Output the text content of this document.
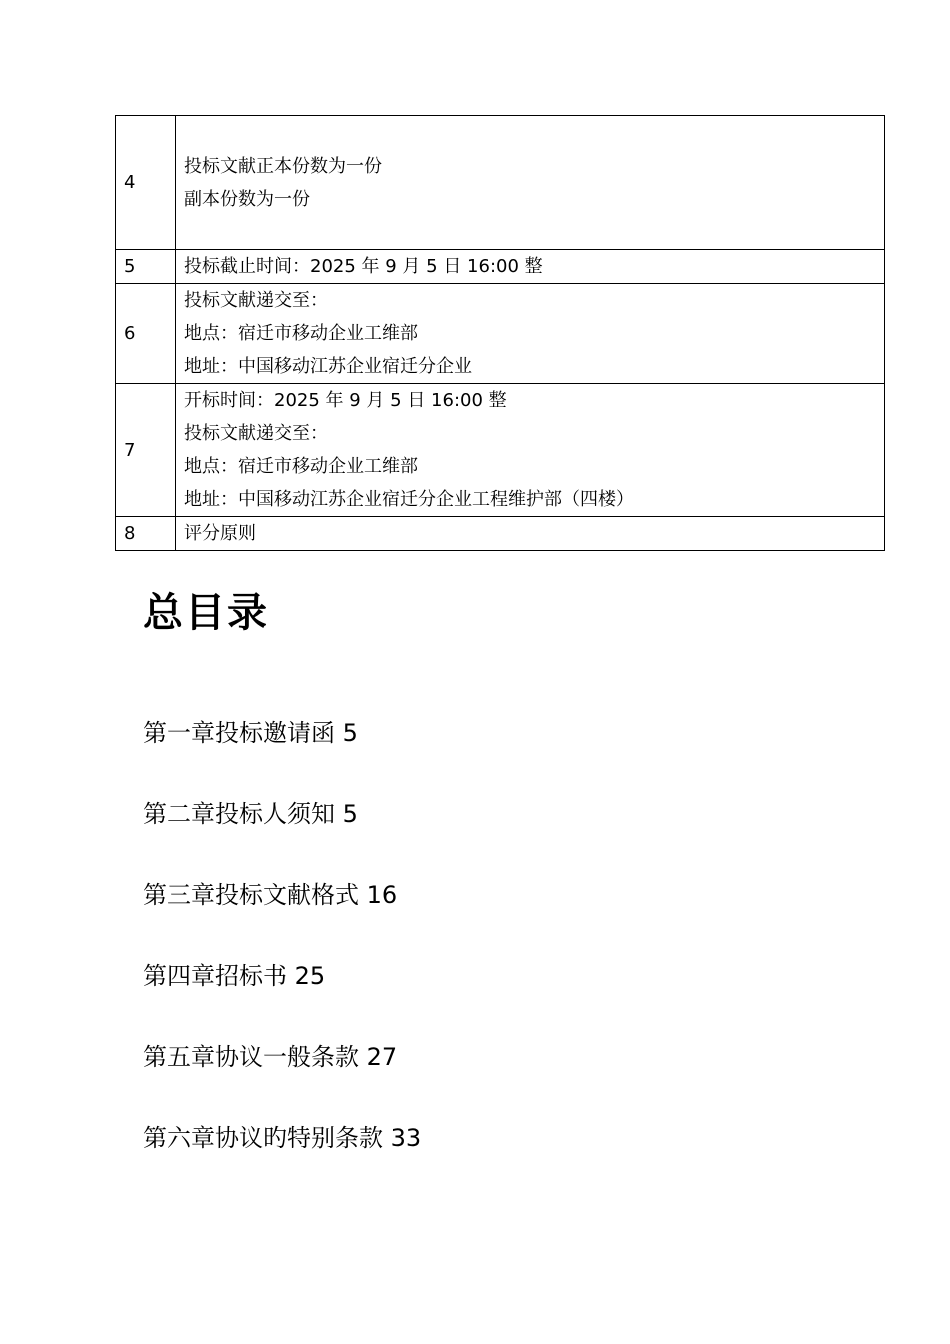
4	投标文献正本份数为一份
副本份数为一份

5	投标截止时间：2025 年 9 月 5 日 16:00 整

6	投标文献递交至：
地点：宿迁市移动企业工维部
地址：中国移动江苏企业宿迁分企业

7	开标时间：2025 年 9 月 5 日 16:00 整
投标文献递交至：
地点：宿迁市移动企业工维部
地址：中国移动江苏企业宿迁分企业工程维护部（四楼）

8	评分原则
总目录
第一章投标邀请函 5
第二章投标人须知 5
第三章投标文献格式 16
第四章招标书 25
第五章协议一般条款 27
第六章协议旳特别条款 33
